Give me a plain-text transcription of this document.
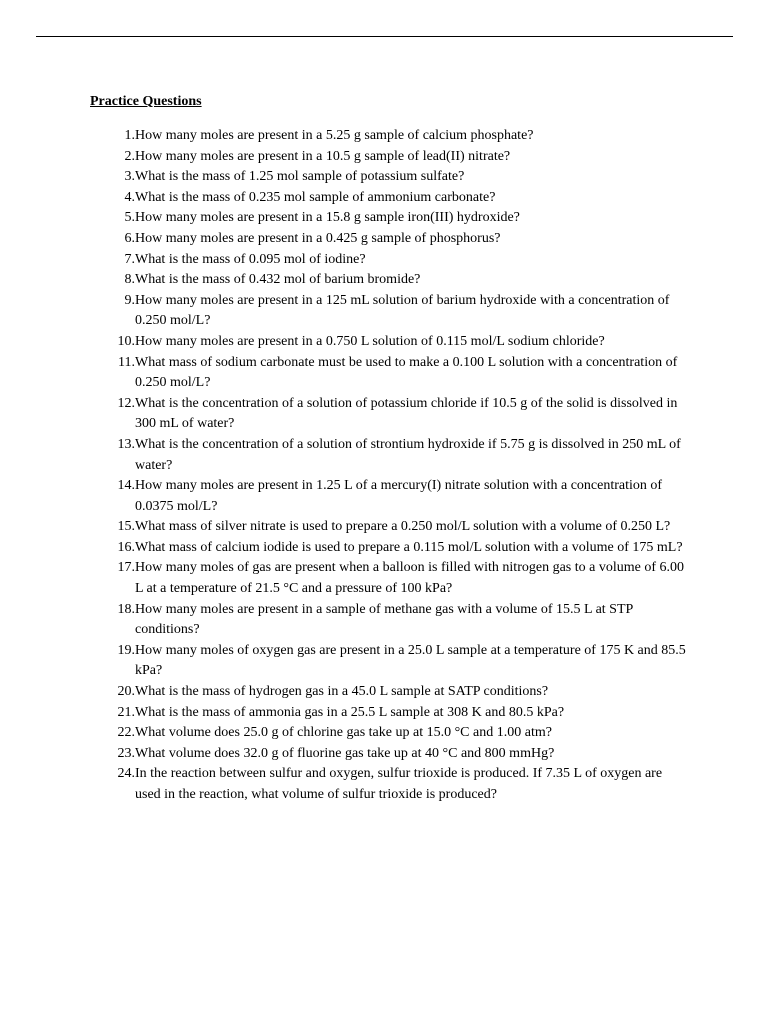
Practice Questions
1. How many moles are present in a 5.25 g sample of calcium phosphate?
2. How many moles are present in a 10.5 g sample of lead(II) nitrate?
3. What is the mass of 1.25 mol sample of potassium sulfate?
4. What is the mass of 0.235 mol sample of ammonium carbonate?
5. How many moles are present in a 15.8 g sample iron(III) hydroxide?
6. How many moles are present in a 0.425 g sample of phosphorus?
7. What is the mass of 0.095 mol of iodine?
8. What is the mass of 0.432 mol of barium bromide?
9. How many moles are present in a 125 mL solution of barium hydroxide with a concentration of 0.250 mol/L?
10. How many moles are present in a 0.750 L solution of 0.115 mol/L sodium chloride?
11. What mass of sodium carbonate must be used to make a 0.100 L solution with a concentration of 0.250 mol/L?
12. What is the concentration of a solution of potassium chloride if 10.5 g of the solid is dissolved in 300 mL of water?
13. What is the concentration of a solution of strontium hydroxide if 5.75 g is dissolved in 250 mL of water?
14. How many moles are present in 1.25 L of a mercury(I) nitrate solution with a concentration of 0.0375 mol/L?
15. What mass of silver nitrate is used to prepare a 0.250 mol/L solution with a volume of 0.250 L?
16. What mass of calcium iodide is used to prepare a 0.115 mol/L solution with a volume of 175 mL?
17. How many moles of gas are present when a balloon is filled with nitrogen gas to a volume of 6.00 L at a temperature of 21.5 °C and a pressure of 100 kPa?
18. How many moles are present in a sample of methane gas with a volume of 15.5 L at STP conditions?
19. How many moles of oxygen gas are present in a 25.0 L sample at a temperature of 175 K and 85.5 kPa?
20. What is the mass of hydrogen gas in a 45.0 L sample at SATP conditions?
21. What is the mass of ammonia gas in a 25.5 L sample at 308 K and 80.5 kPa?
22. What volume does 25.0 g of chlorine gas take up at 15.0 °C and 1.00 atm?
23. What volume does 32.0 g of fluorine gas take up at 40 °C and 800 mmHg?
24. In the reaction between sulfur and oxygen, sulfur trioxide is produced. If 7.35 L of oxygen are used in the reaction, what volume of sulfur trioxide is produced?
